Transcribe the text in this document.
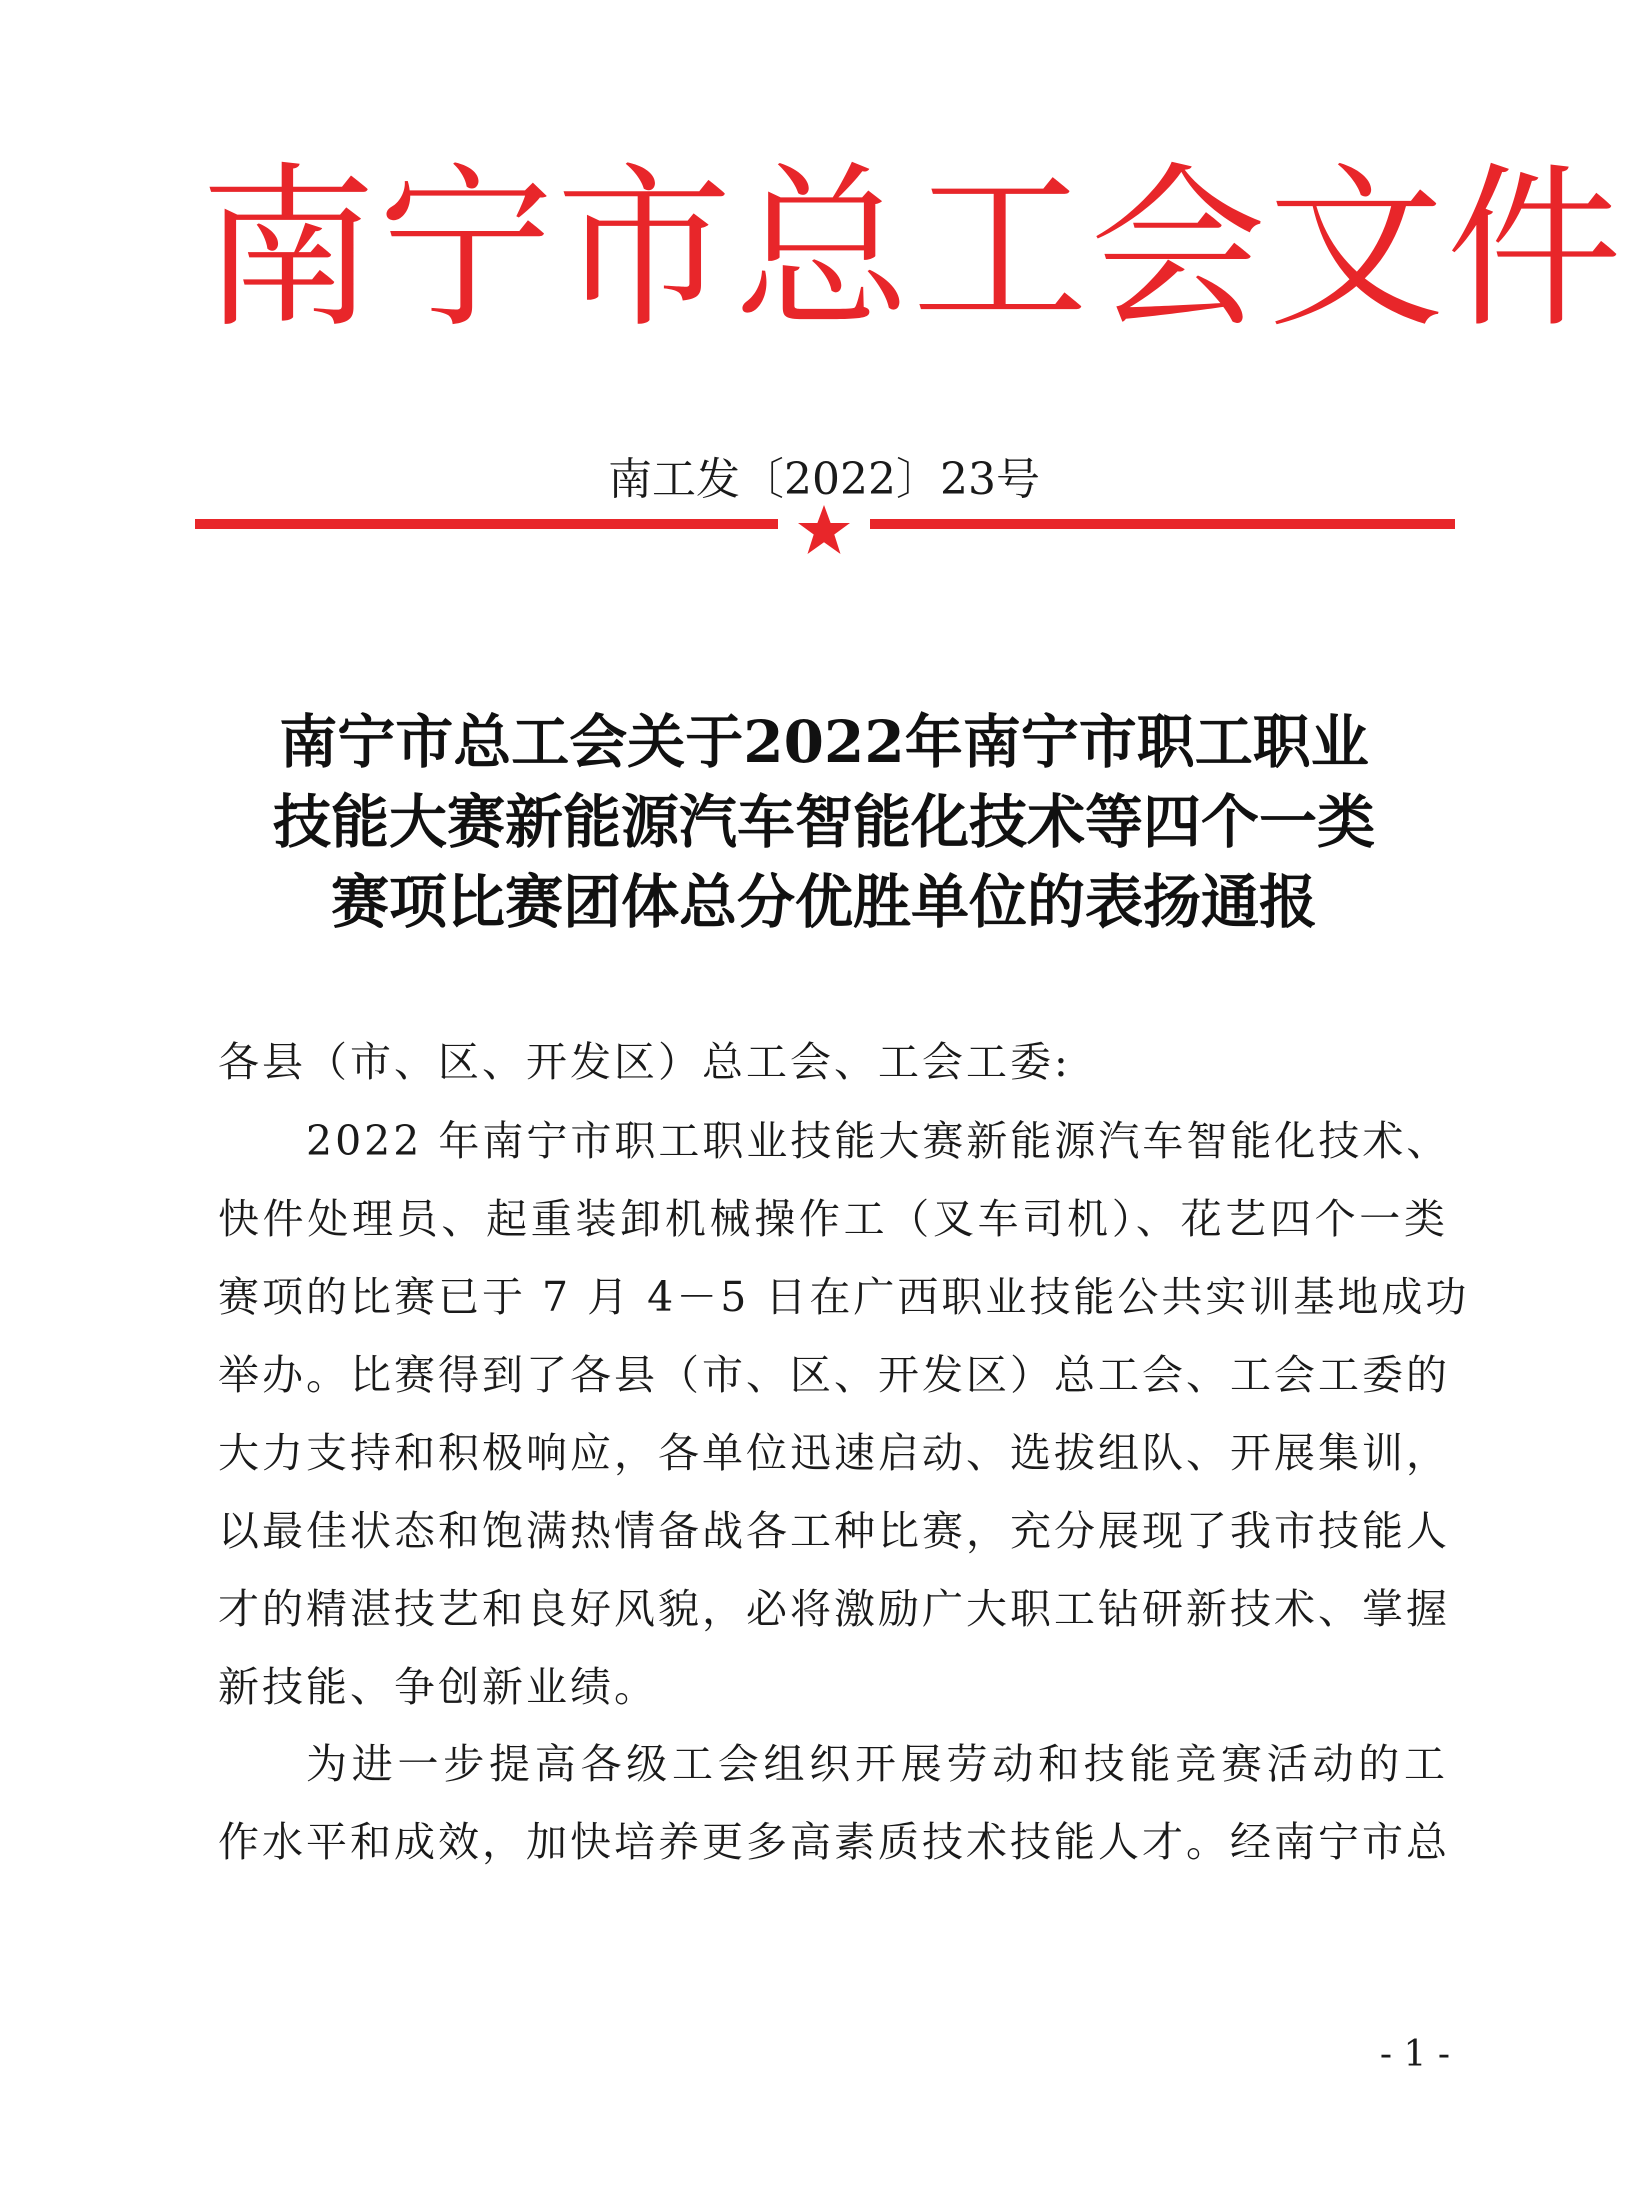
南宁市总工会文件
南工发〔2022〕23号
南宁市总工会关于2022年南宁市职工职业
技能大赛新能源汽车智能化技术等四个一类
赛项比赛团体总分优胜单位的表扬通报
各县（市、区、开发区）总工会、工会工委:
2022 年南宁市职工职业技能大赛新能源汽车智能化技术、
快件处理员、起重装卸机械操作工（叉车司机）、花艺四个一类
赛项的比赛已于 7 月 4－5 日在广西职业技能公共实训基地成功
举办。比赛得到了各县（市、区、开发区）总工会、工会工委的
大力支持和积极响应，各单位迅速启动、选拔组队、开展集训，
以最佳状态和饱满热情备战各工种比赛，充分展现了我市技能人
才的精湛技艺和良好风貌，必将激励广大职工钻研新技术、掌握
新技能、争创新业绩。
为进一步提高各级工会组织开展劳动和技能竞赛活动的工
作水平和成效，加快培养更多高素质技术技能人才。经南宁市总
- 1 -
